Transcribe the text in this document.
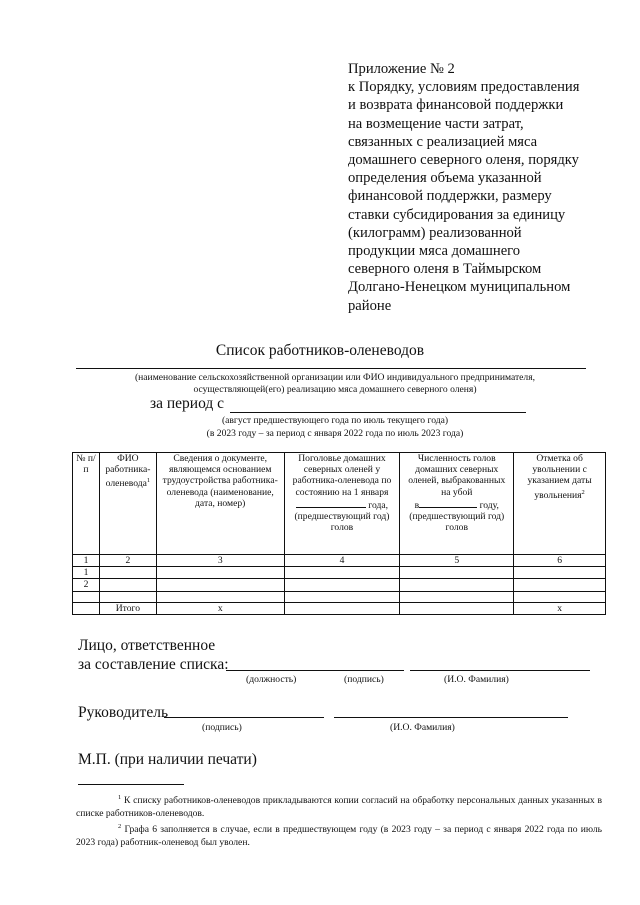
Приложение № 2
к Порядку, условиям предоставления
и возврата финансовой поддержки
на возмещение части затрат,
связанных с реализацией мяса
домашнего северного оленя, порядку
определения объема указанной
финансовой поддержки, размеру
ставки субсидирования за единицу
(килограмм) реализованной
продукции мяса домашнего
северного оленя в Таймырском
Долгано-Ненецком муниципальном
районе
Список работников-оленеводов
(наименование сельскохозяйственной организации или ФИО индивидуального предпринимателя,
осуществляющей(его) реализацию мяса домашнего северного оленя)
за период с
(август предшествующего года по июль текущего года)
(в 2023 году – за период с января 2022 года по июль 2023 года)
№ п/п	ФИО работника-оленевода$^1$	Сведения о документе, являющемся основанием трудоустройства работника-оленевода (наименование, дата, номер)	Поголовье домашних северных оленей у работника-оленевода по состоянию на 1 января
года,
(предшествующий год) голов	Численность голов домашних северных оленей, выбракованных на убой
в году,
(предшествующий год) голов	Отметка об увольнении с указанием даты увольнения$^2$
1	2	3	4	5	6
1					
2					

	Итого	х			х
Лицо, ответственное
за составление списка:
(должность)	(подпись)	(И.О. Фамилия)
Руководитель
(подпись)	(И.О. Фамилия)
М.П. (при наличии печати)

$^1$ К списку работников-оленеводов прикладываются копии согласий на обработку персональных данных указанных в списке работников-оленеводов.

$^2$ Графа 6 заполняется в случае, если в предшествующем году (в 2023 году – за период с января 2022 года по июль 2023 года) работник-оленевод был уволен.
